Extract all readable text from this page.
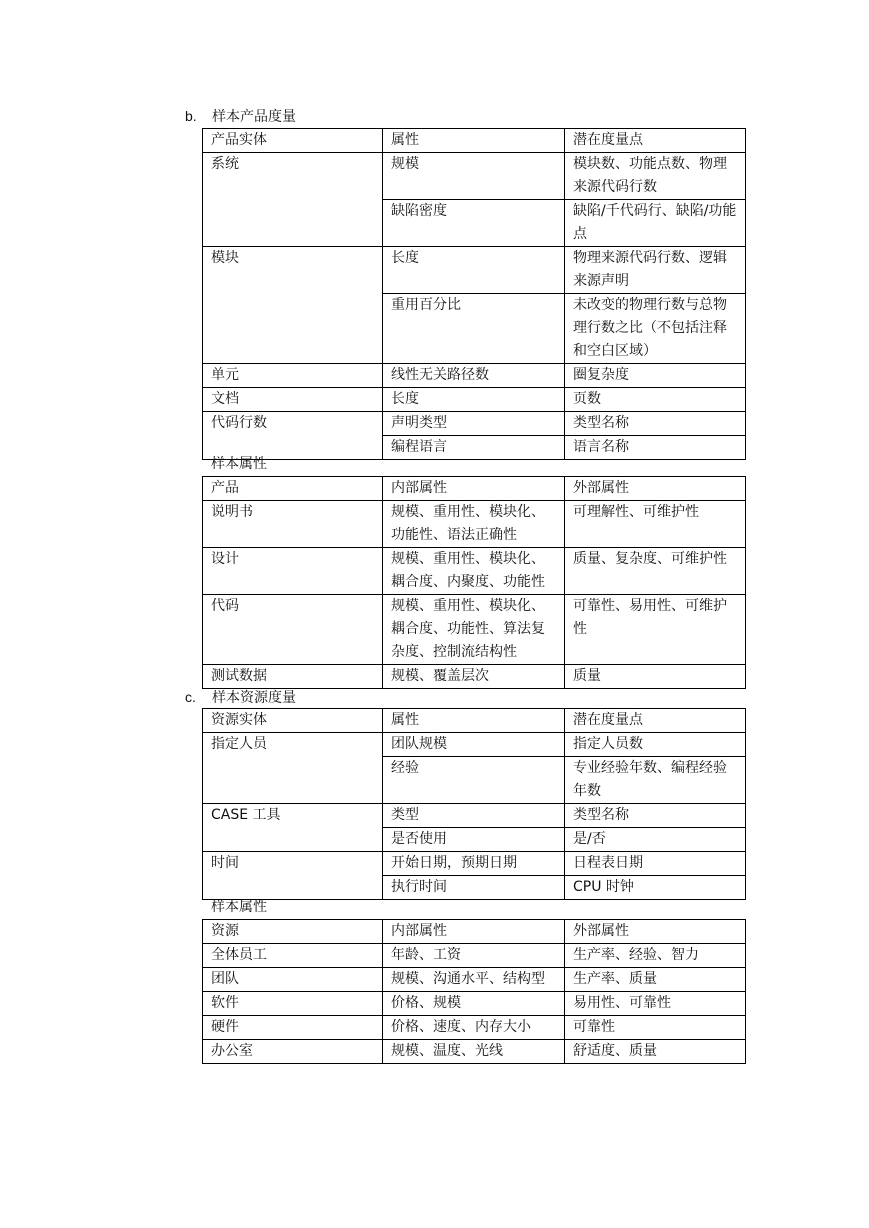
b. 样本产品度量
产品实体	属性	潜在度量点
系统	规模	模块数、功能点数、物理来源代码行数
	缺陷密度	缺陷/千代码行、缺陷/功能点
模块	长度	物理来源代码行数、逻辑来源声明
	重用百分比	未改变的物理行数与总物理行数之比（不包括注释和空白区域）
单元	线性无关路径数	圈复杂度
文档	长度	页数
代码行数	声明类型	类型名称
	编程语言	语言名称
样本属性
产品	内部属性	外部属性
说明书	规模、重用性、模块化、功能性、语法正确性	可理解性、可维护性
设计	规模、重用性、模块化、耦合度、内聚度、功能性	质量、复杂度、可维护性
代码	规模、重用性、模块化、耦合度、功能性、算法复杂度、控制流结构性	可靠性、易用性、可维护性
测试数据	规模、覆盖层次	质量
c. 样本资源度量
资源实体	属性	潜在度量点
指定人员	团队规模	指定人员数
	经验	专业经验年数、编程经验年数
CASE 工具	类型	类型名称
	是否使用	是/否
时间	开始日期，预期日期	日程表日期
	执行时间	CPU 时钟
样本属性
资源	内部属性	外部属性
全体员工	年龄、工资	生产率、经验、智力
团队	规模、沟通水平、结构型	生产率、质量
软件	价格、规模	易用性、可靠性
硬件	价格、速度、内存大小	可靠性
办公室	规模、温度、光线	舒适度、质量
